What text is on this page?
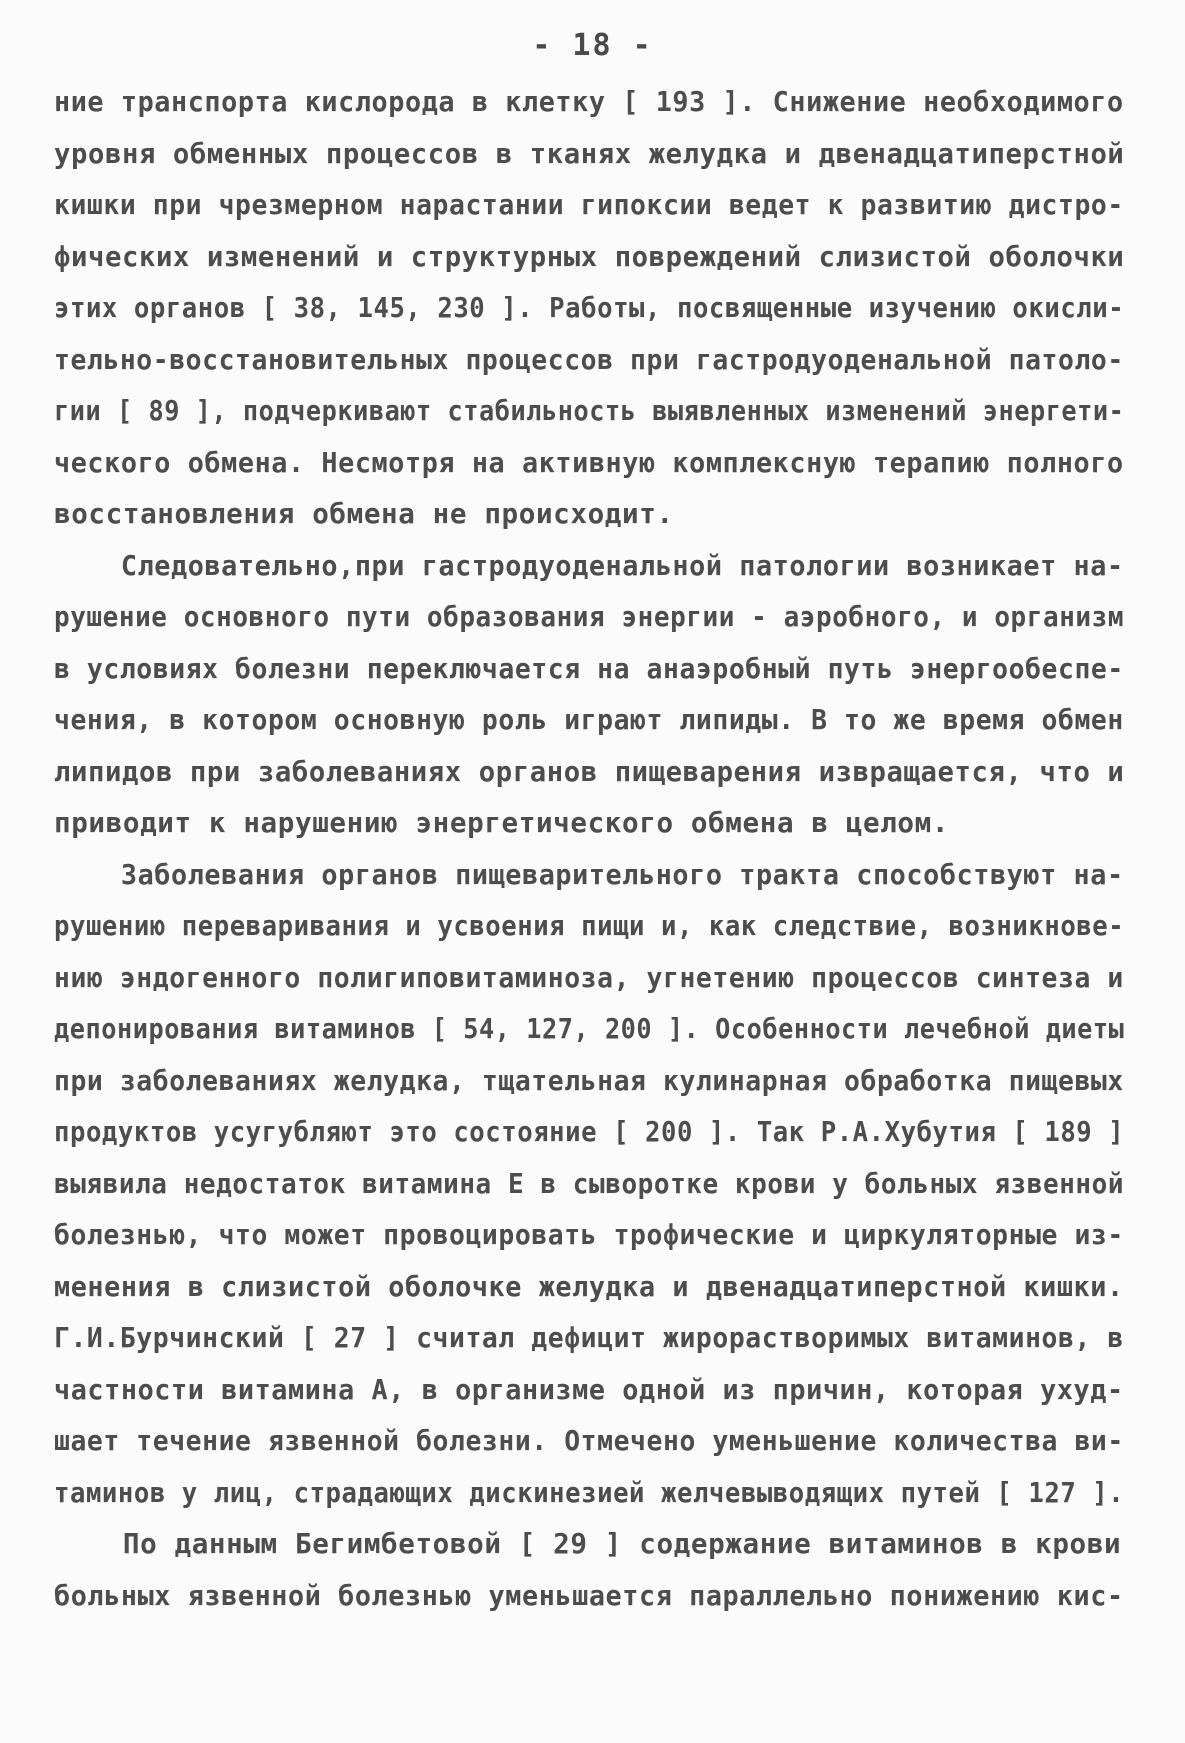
- 18 -
ние транспорта кислорода в клетку [ 193 ]. Снижение необходимого
уровня обменных процессов в тканях желудка и двенадцатиперстной
кишки при чрезмерном нарастании гипоксии ведет к развитию дистро-
фических изменений и структурных повреждений слизистой оболочки
этих органов [ 38, 145, 230 ]. Работы, посвященные изучению окисли-
тельно-восстановительных процессов при гастродуоденальной патоло-
гии [ 89 ], подчеркивают стабильность выявленных изменений энергети-
ческого обмена. Несмотря на активную комплексную терапию полного
восстановления обмена не происходит.
Следовательно,при гастродуоденальной патологии возникает на-
рушение основного пути образования энергии - аэробного, и организм
в условиях болезни переключается на анаэробный путь энергообеспе-
чения, в котором основную роль играют липиды. В то же время обмен
липидов при заболеваниях органов пищеварения извращается, что и
приводит к нарушению энергетического обмена в целом.
Заболевания органов пищеварительного тракта способствуют на-
рушению переваривания и усвоения пищи и, как следствие, возникнове-
нию эндогенного полигиповитаминоза, угнетению процессов синтеза и
депонирования витаминов [ 54, 127, 200 ]. Особенности лечебной диеты
при заболеваниях желудка, тщательная кулинарная обработка пищевых
продуктов усугубляют это состояние [ 200 ]. Так Р.А.Хубутия [ 189 ]
выявила недостаток витамина Е в сыворотке крови у больных язвенной
болезнью, что может провоцировать трофические и циркуляторные из-
менения в слизистой оболочке желудка и двенадцатиперстной кишки.
Г.И.Бурчинский [ 27 ] считал дефицит жирорастворимых витаминов, в
частности витамина А, в организме одной из причин, которая ухуд-
шает течение язвенной болезни. Отмечено уменьшение количества ви-
таминов у лиц, страдающих дискинезией желчевыводящих путей [ 127 ].
По данным Бегимбетовой [ 29 ] содержание витаминов в крови
больных язвенной болезнью уменьшается параллельно понижению кис-
